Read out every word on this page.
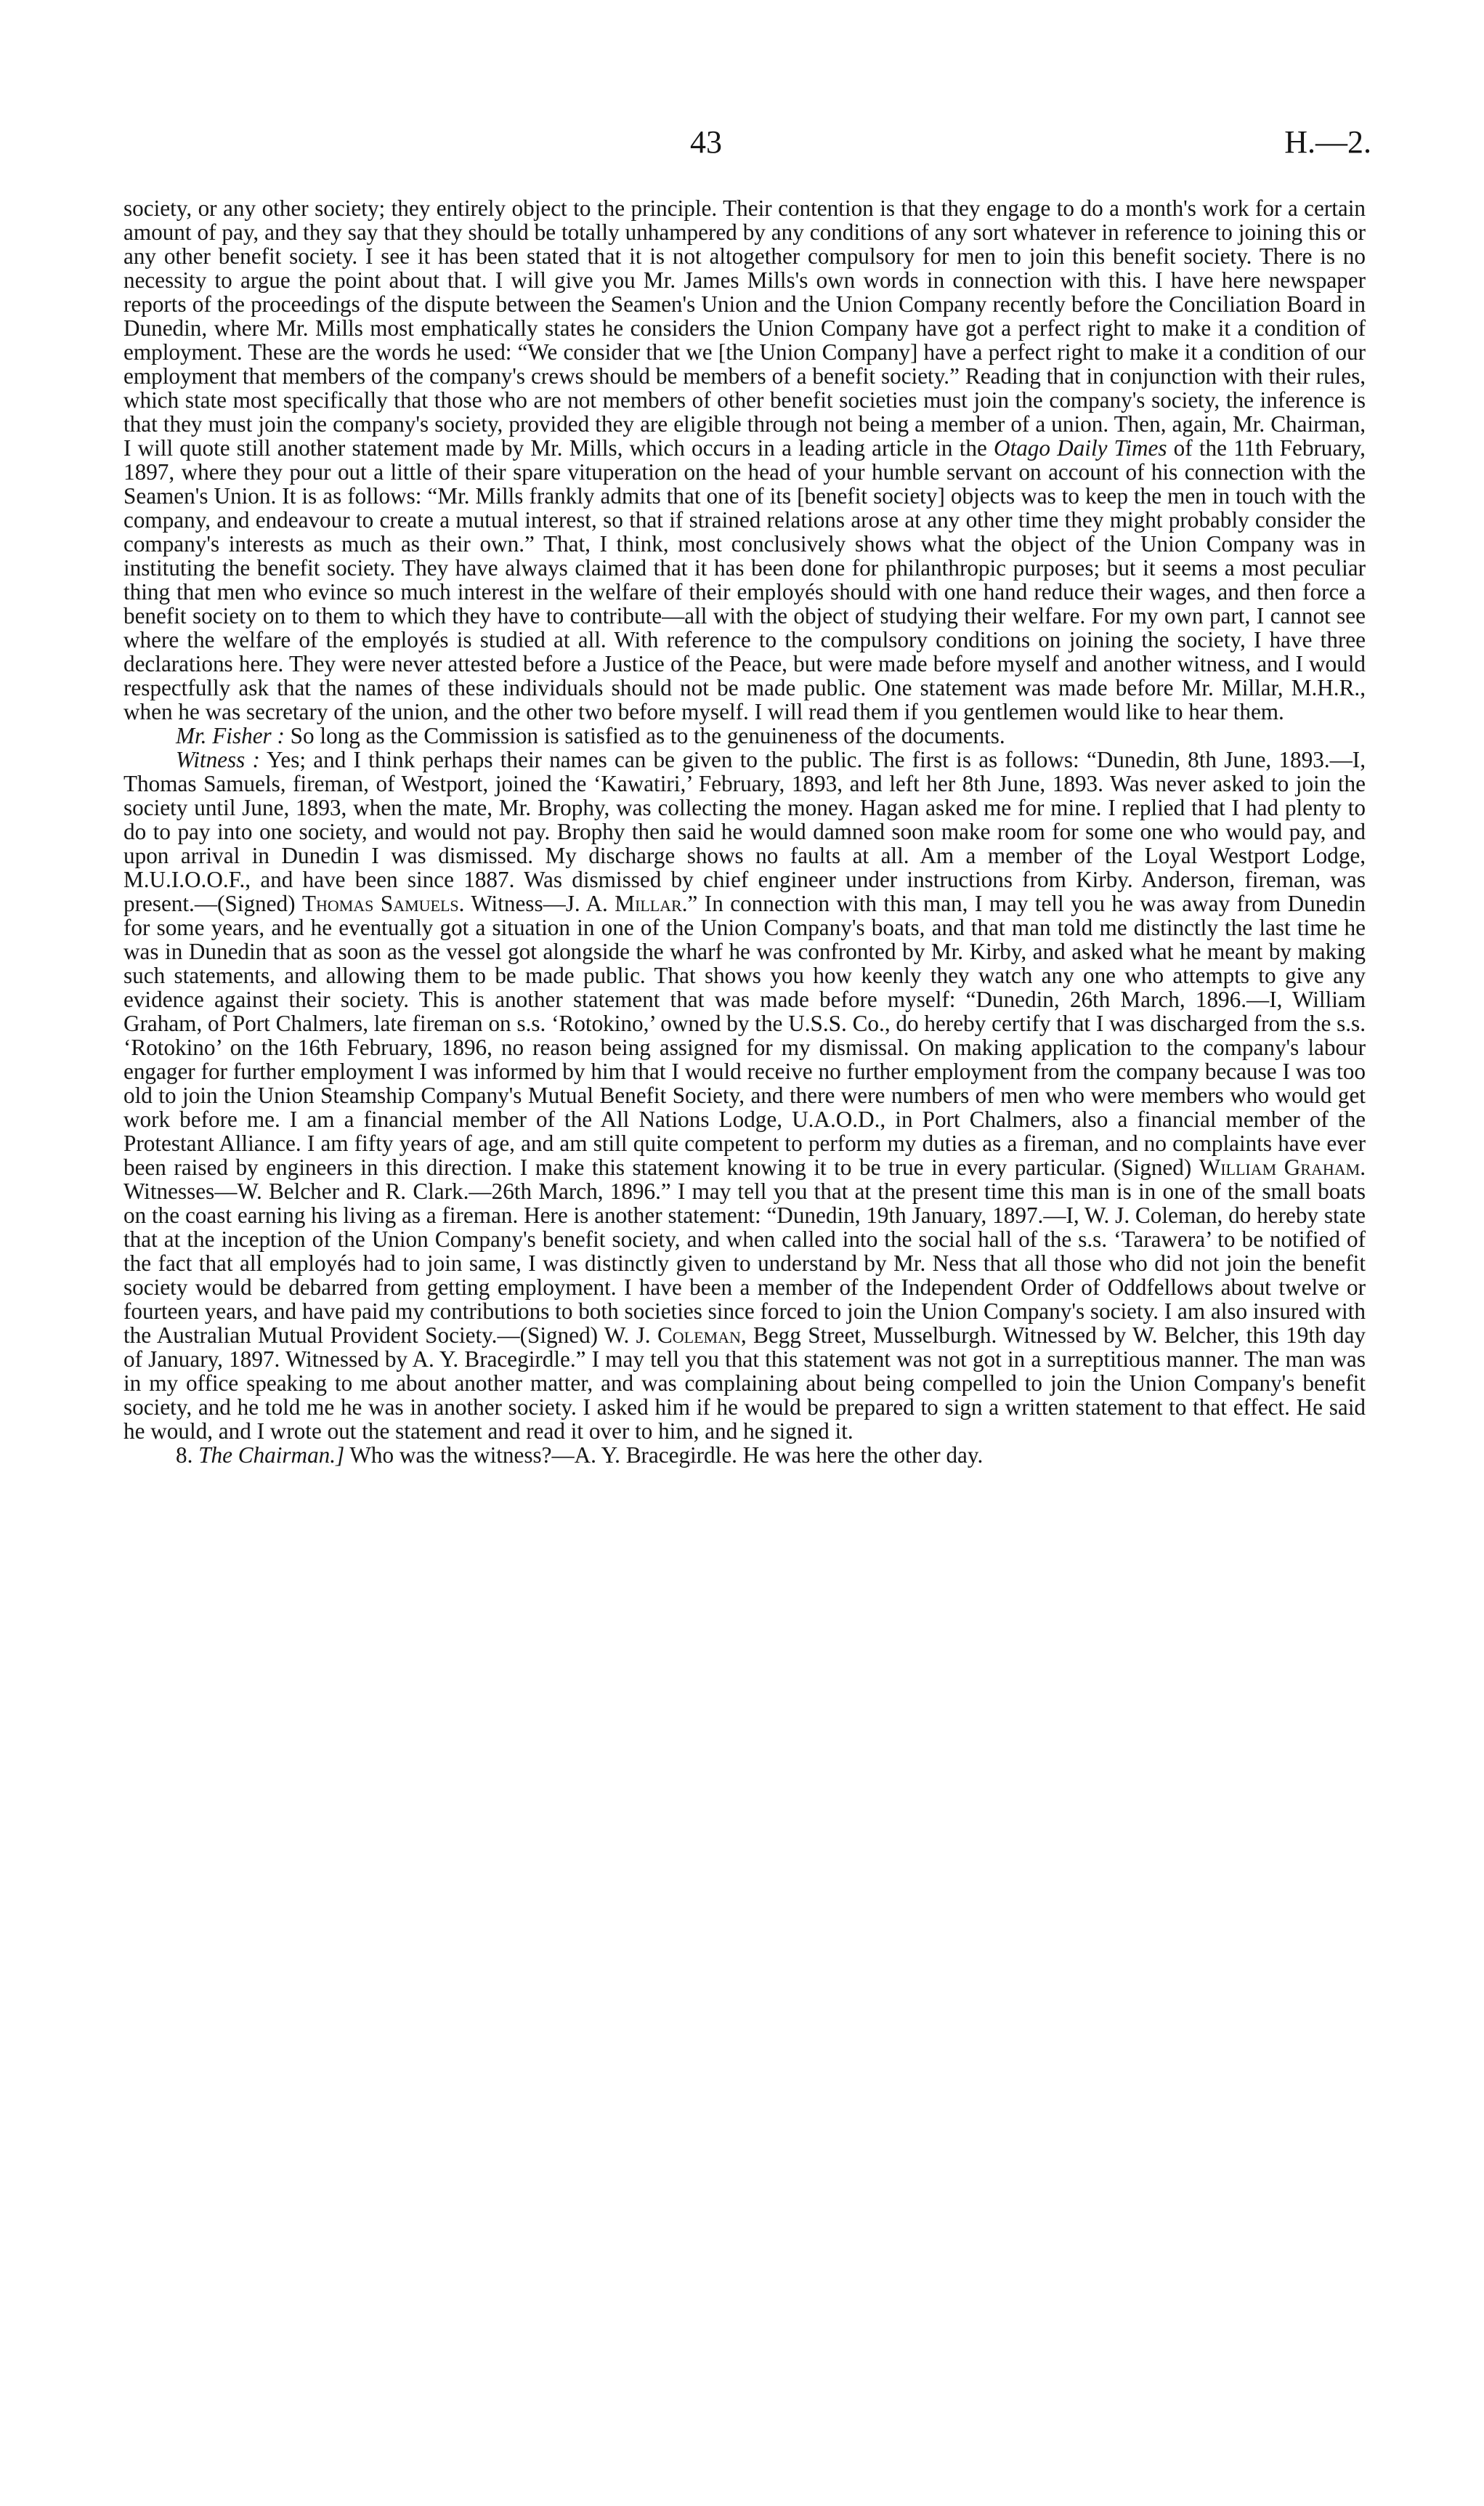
43	H.—2.

society, or any other society; they entirely object to the principle. Their contention is that they engage to do a month's work for a certain amount of pay, and they say that they should be totally unhampered by any conditions of any sort whatever in reference to joining this or any other benefit society. I see it has been stated that it is not altogether compulsory for men to join this benefit society. There is no necessity to argue the point about that. I will give you Mr. James Mills's own words in connection with this. I have here newspaper reports of the proceedings of the dispute between the Seamen's Union and the Union Company recently before the Conciliation Board in Dunedin, where Mr. Mills most emphatically states he considers the Union Company have got a perfect right to make it a condition of employment. These are the words he used: “We consider that we [the Union Company] have a perfect right to make it a condition of our employment that members of the company's crews should be members of a benefit society.” Reading that in conjunction with their rules, which state most specifically that those who are not members of other benefit societies must join the company's society, the inference is that they must join the company's society, provided they are eligible through not being a member of a union. Then, again, Mr. Chairman, I will quote still another statement made by Mr. Mills, which occurs in a leading article in the Otago Daily Times of the 11th February, 1897, where they pour out a little of their spare vituperation on the head of your humble servant on account of his connection with the Seamen's Union. It is as follows: “Mr. Mills frankly admits that one of its [benefit society] objects was to keep the men in touch with the company, and endeavour to create a mutual interest, so that if strained relations arose at any other time they might probably consider the company's interests as much as their own.” That, I think, most conclusively shows what the object of the Union Company was in instituting the benefit society. They have always claimed that it has been done for philanthropic purposes; but it seems a most peculiar thing that men who evince so much interest in the welfare of their employés should with one hand reduce their wages, and then force a benefit society on to them to which they have to contribute—all with the object of studying their welfare. For my own part, I cannot see where the welfare of the employés is studied at all. With reference to the compulsory conditions on joining the society, I have three declarations here. They were never attested before a Justice of the Peace, but were made before myself and another witness, and I would respectfully ask that the names of these individuals should not be made public. One statement was made before Mr. Millar, M.H.R., when he was secretary of the union, and the other two before myself. I will read them if you gentlemen would like to hear them.

Mr. Fisher : So long as the Commission is satisfied as to the genuineness of the documents.

Witness : Yes; and I think perhaps their names can be given to the public. The first is as follows: “Dunedin, 8th June, 1893.—I, Thomas Samuels, fireman, of Westport, joined the ‘Kawatiri,’ February, 1893, and left her 8th June, 1893. Was never asked to join the society until June, 1893, when the mate, Mr. Brophy, was collecting the money. Hagan asked me for mine. I replied that I had plenty to do to pay into one society, and would not pay. Brophy then said he would damned soon make room for some one who would pay, and upon arrival in Dunedin I was dismissed. My discharge shows no faults at all. Am a member of the Loyal Westport Lodge, M.U.I.O.O.F., and have been since 1887. Was dismissed by chief engineer under instructions from Kirby. Anderson, fireman, was present.—(Signed) Thomas Samuels. Witness—J. A. Millar.” In connection with this man, I may tell you he was away from Dunedin for some years, and he eventually got a situation in one of the Union Company's boats, and that man told me distinctly the last time he was in Dunedin that as soon as the vessel got alongside the wharf he was confronted by Mr. Kirby, and asked what he meant by making such statements, and allowing them to be made public. That shows you how keenly they watch any one who attempts to give any evidence against their society. This is another statement that was made before myself: “Dunedin, 26th March, 1896.—I, William Graham, of Port Chalmers, late fireman on s.s. ‘Rotokino,’ owned by the U.S.S. Co., do hereby certify that I was discharged from the s.s. ‘Rotokino’ on the 16th February, 1896, no reason being assigned for my dismissal. On making application to the company's labour engager for further employment I was informed by him that I would receive no further employment from the company because I was too old to join the Union Steamship Company's Mutual Benefit Society, and there were numbers of men who were members who would get work before me. I am a financial member of the All Nations Lodge, U.A.O.D., in Port Chalmers, also a financial member of the Protestant Alliance. I am fifty years of age, and am still quite competent to perform my duties as a fireman, and no complaints have ever been raised by engineers in this direction. I make this statement knowing it to be true in every particular. (Signed) William Graham. Witnesses—W. Belcher and R. Clark.—26th March, 1896.” I may tell you that at the present time this man is in one of the small boats on the coast earning his living as a fireman. Here is another statement: “Dunedin, 19th January, 1897.—I, W. J. Coleman, do hereby state that at the inception of the Union Company's benefit society, and when called into the social hall of the s.s. ‘Tarawera’ to be notified of the fact that all employés had to join same, I was distinctly given to understand by Mr. Ness that all those who did not join the benefit society would be debarred from getting employment. I have been a member of the Independent Order of Oddfellows about twelve or fourteen years, and have paid my contributions to both societies since forced to join the Union Company's society. I am also insured with the Australian Mutual Provident Society.—(Signed) W. J. Coleman, Begg Street, Musselburgh. Witnessed by W. Belcher, this 19th day of January, 1897. Witnessed by A. Y. Bracegirdle.” I may tell you that this statement was not got in a surreptitious manner. The man was in my office speaking to me about another matter, and was complaining about being compelled to join the Union Company's benefit society, and he told me he was in another society. I asked him if he would be prepared to sign a written statement to that effect. He said he would, and I wrote out the statement and read it over to him, and he signed it.

8. The Chairman.] Who was the witness?—A. Y. Bracegirdle. He was here the other day.
